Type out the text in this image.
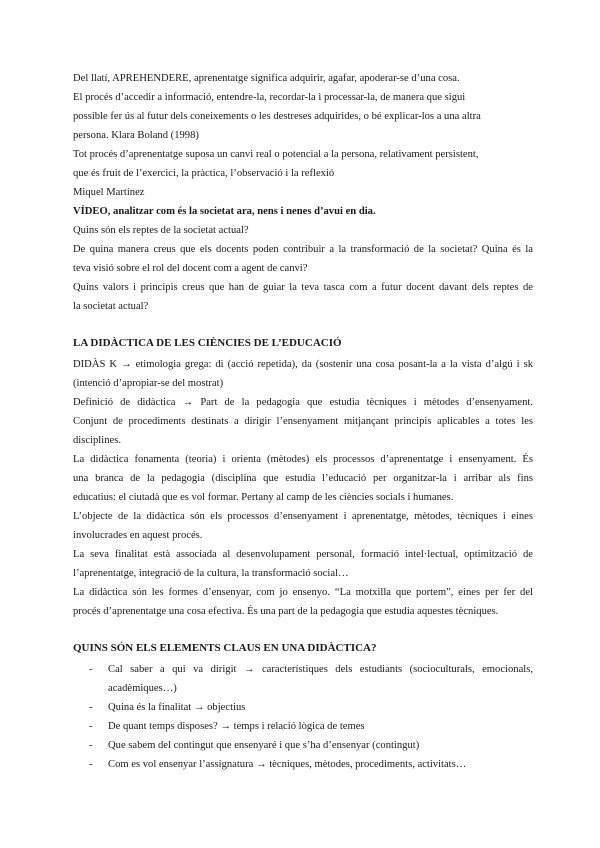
Del llatí, APREHENDERE, aprenentatge significa adquirir, agafar, apoderar-se d’una cosa.
El procés d’accedir a informació, entendre-la, recordar-la i processar-la, de manera que sigui
possible fer ús al futur dels coneixements o les destreses adquirides, o bé explicar-los a una altra
persona. Klara Boland (1998)
Tot procés d’aprenentatge suposa un canvi real o potencial a la persona, relativament persistent,
que és fruit de l’exercici, la pràctica, l’observació i la reflexió
Miquel Martínez
VÍDEO, analitzar com és la societat ara, nens i nenes d’avui en dia.
Quins són els reptes de la societat actual?
De quina manera creus que els docents poden contribuir a la transformació de la societat? Quina és la
teva visió sobre el rol del docent com a agent de canvi?
Quins valors i principis creus que han de guiar la teva tasca com a futur docent davant dels reptes de
la societat actual?
LA DIDÀCTICA DE LES CIÈNCIES DE L’EDUCACIÓ
DIDÀS K → etimologia grega: di (acció repetida), da (sostenir una cosa posant-la a la vista d’algú i sk
(intenció d’apropiar-se del mostrat)
Definició de didàctica → Part de la pedagogia que estudia tècniques i mètodes d’ensenyament.
Conjunt de procediments destinats a dirigir l’ensenyament mitjançant principis aplicables a totes les
disciplines.
La didàctica fonamenta (teoria) i orienta (mètodes) els processos d’aprenentatge i ensenyament. És
una branca de la pedagogia (disciplina que estudia l’educació per organitzar-la i arribar als fins
educatius: el ciutadà que es vol formar. Pertany al camp de les ciències socials i humanes.
L’objecte de la didàctica són els processos d’ensenyament i aprenentatge, mètodes, tècniques i eines
involucrades en aquest procés.
La seva finalitat està associada al desenvolupament personal, formació intel·lectual, optimització de
l’aprenentatge, integració de la cultura, la transformació social…
La didàctica són les formes d’ensenyar, com jo ensenyo. “La motxilla que portem”, eines per fer del
procés d’aprenentatge una cosa efectiva. És una part de la pedagogia que estudia aquestes tècniques.
QUINS SÓN ELS ELEMENTS CLAUS EN UNA DIDÀCTICA?
-	Cal saber a qui va dirigit → característiques dels estudiants (socioculturals, emocionals,
acadèmiques…)
-	Quina és la finalitat → objectius
-	De quant temps disposes? → temps i relació lògica de temes
-	Que sabem del contingut que ensenyaré i que s’ha d’ensenyar (contingut)
-	Com es vol ensenyar l’assignatura → tècniques, mètodes, procediments, activitats…
